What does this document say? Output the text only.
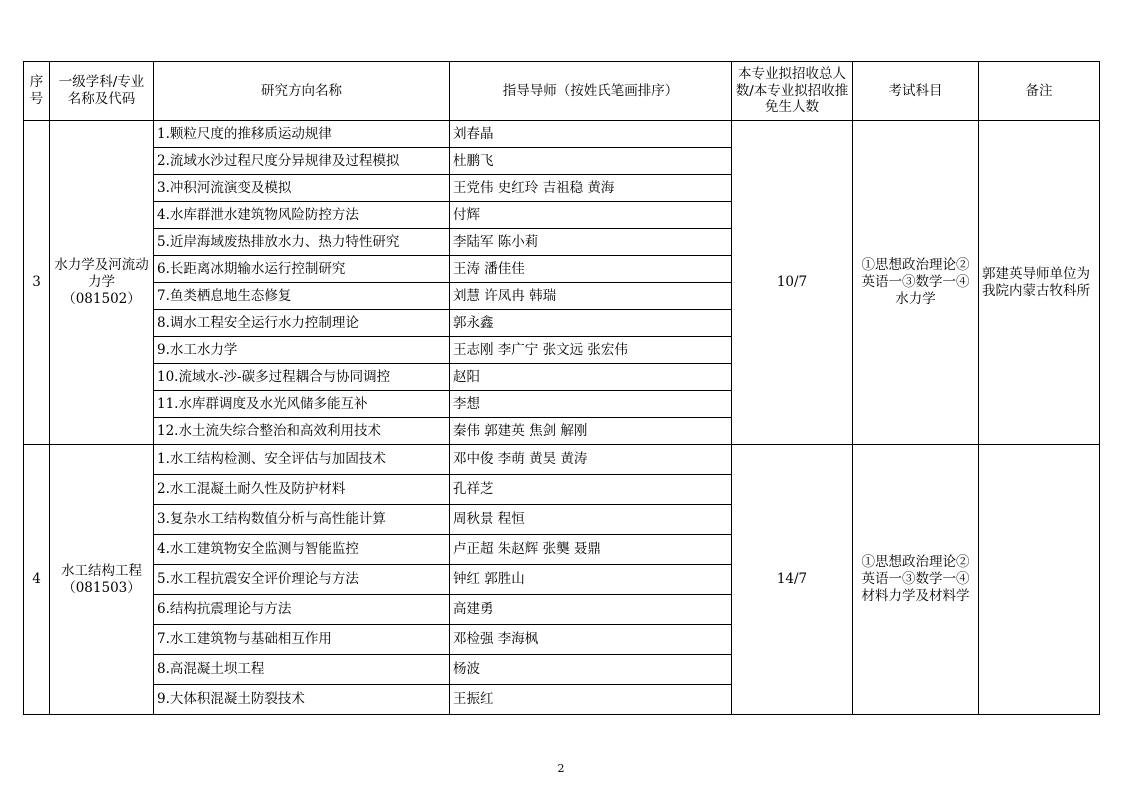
序号	一级学科/专业名称及代码	研究方向名称	指导导师（按姓氏笔画排序）	本专业拟招收总人数/本专业拟招收推免生人数	考试科目	备注
3	水力学及河流动力学（081502）	1.颗粒尺度的推移质运动规律	刘春晶	10/7	①思想政治理论②英语一③数学一④水力学	郭建英导师单位为我院内蒙古牧科所
		2.流域水沙过程尺度分异规律及过程模拟	杜鹏飞			
		3.冲积河流演变及模拟	王党伟 史红玲 吉祖稳 黄海			
		4.水库群泄水建筑物风险防控方法	付辉			
		5.近岸海域废热排放水力、热力特性研究	李陆军 陈小莉			
		6.长距离冰期输水运行控制研究	王涛 潘佳佳			
		7.鱼类栖息地生态修复	刘慧 许凤冉 韩瑞			
		8.调水工程安全运行水力控制理论	郭永鑫			
		9.水工水力学	王志刚 李广宁 张文远 张宏伟			
		10.流域水-沙-碳多过程耦合与协同调控	赵阳			
		11.水库群调度及水光风储多能互补	李想			
		12.水土流失综合整治和高效利用技术	秦伟 郭建英 焦剑 解刚			
4	水工结构工程（081503）	1.水工结构检测、安全评估与加固技术	邓中俊 李萌 黄昊 黄涛	14/7	①思想政治理论②英语一③数学一④材料力学及材料学	
		2.水工混凝土耐久性及防护材料	孔祥芝			
		3.复杂水工结构数值分析与高性能计算	周秋景 程恒			
		4.水工建筑物安全监测与智能监控	卢正超 朱赵辉 张龑 聂鼎			
		5.水工程抗震安全评价理论与方法	钟红 郭胜山			
		6.结构抗震理论与方法	高建勇			
		7.水工建筑物与基础相互作用	邓检强 李海枫			
		8.高混凝土坝工程	杨波			
		9.大体积混凝土防裂技术	王振红			
2
